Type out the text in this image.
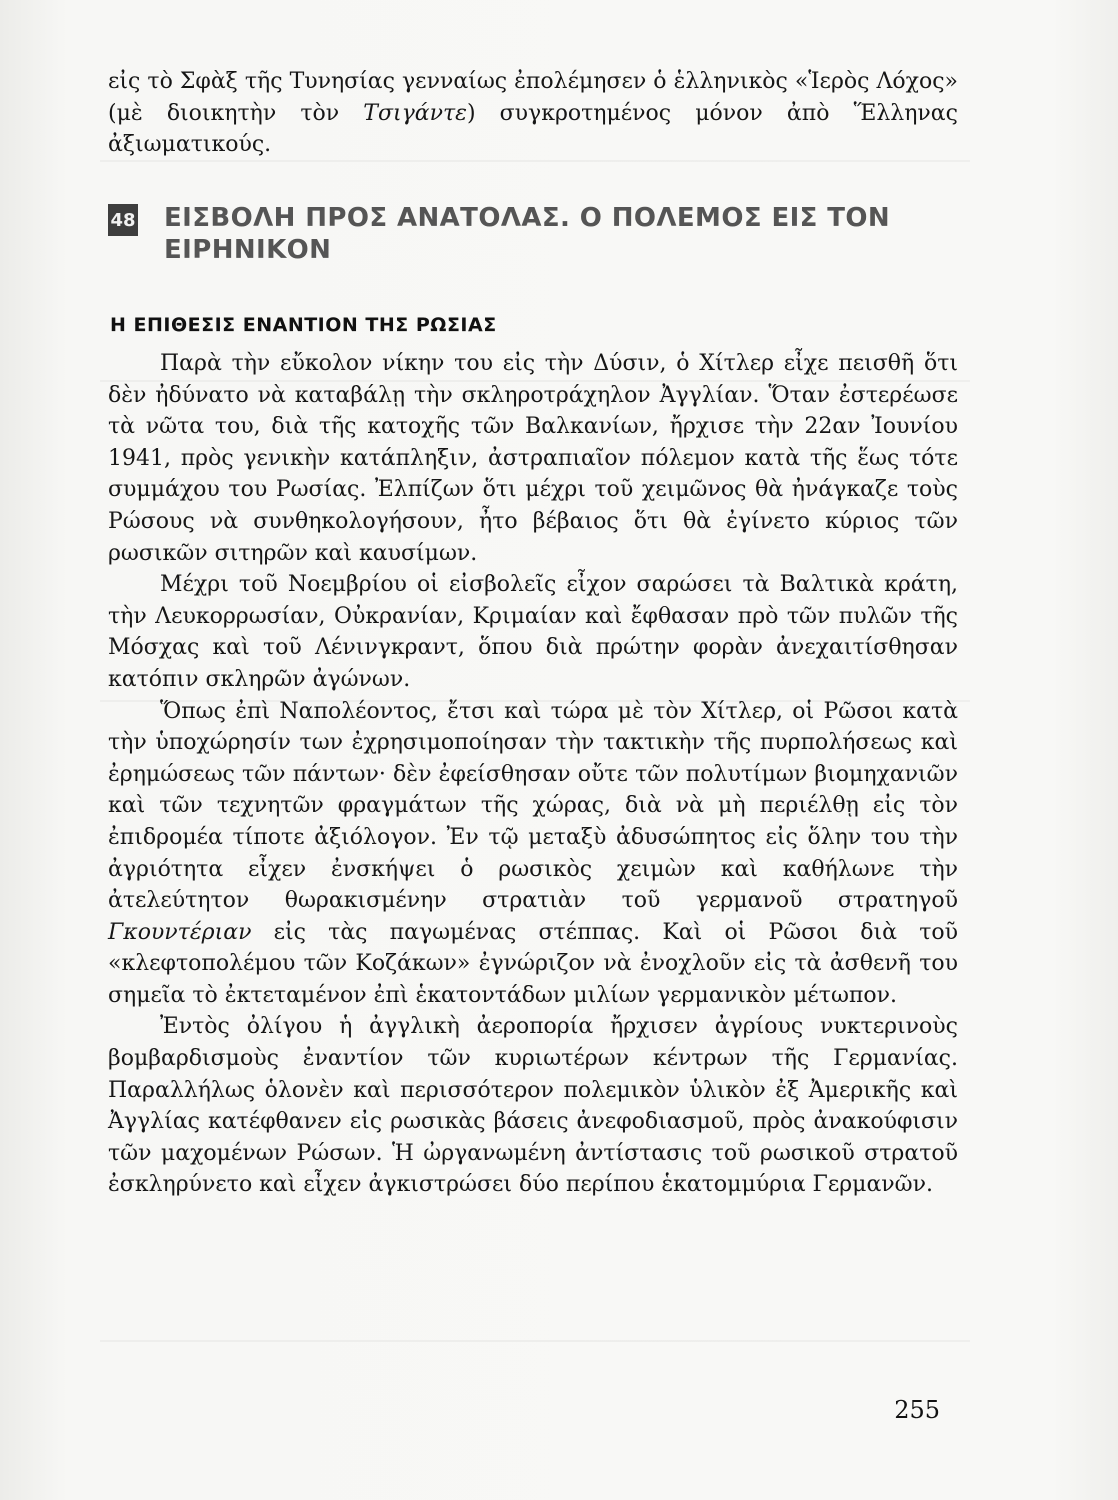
εἰς τὸ Σφὰξ τῆς Τυνησίας γενναίως ἐπολέμησεν ὁ ἑλληνικὸς «Ἱερὸς Λόχος» (μὲ διοικητὴν τὸν Τσιγάντε) συγκροτημένος μόνον ἀπὸ Ἕλληνας ἀξιωματικούς.

48 ΕΙΣΒΟΛΗ ΠΡΟΣ ΑΝΑΤΟΛΑΣ. Ο ΠΟΛΕΜΟΣ ΕΙΣ ΤΟΝ ΕΙΡΗΝΙΚΟΝ
Η ΕΠΙΘΕΣΙΣ ΕΝΑΝΤΙΟΝ ΤΗΣ ΡΩΣΙΑΣ

Παρὰ τὴν εὔκολον νίκην του εἰς τὴν Δύσιν, ὁ Χίτλερ εἶχε πεισθῆ ὅτι δὲν ἠδύνατο νὰ καταβάλῃ τὴν σκληροτράχηλον Ἀγγλίαν. Ὅταν ἐστερέωσε τὰ νῶτα του, διὰ τῆς κατοχῆς τῶν Βαλκανίων, ἤρχισε τὴν 22αν Ἰουνίου 1941, πρὸς γενικὴν κατάπληξιν, ἀστραπιαῖον πόλεμον κατὰ τῆς ἕως τότε συμμάχου του Ρωσίας. Ἐλπίζων ὅτι μέχρι τοῦ χειμῶνος θὰ ἠνάγκαζε τοὺς Ρώσους νὰ συνθηκολογήσουν, ἦτο βέβαιος ὅτι θὰ ἐγίνετο κύριος τῶν ρωσικῶν σιτηρῶν καὶ καυσίμων.

Μέχρι τοῦ Νοεμβρίου οἱ εἰσβολεῖς εἶχον σαρώσει τὰ Βαλτικὰ κράτη, τὴν Λευκορρωσίαν, Οὐκρανίαν, Κριμαίαν καὶ ἔφθασαν πρὸ τῶν πυλῶν τῆς Μόσχας καὶ τοῦ Λένινγκραντ, ὅπου διὰ πρώτην φορὰν ἀνεχαιτίσθησαν κατόπιν σκληρῶν ἀγώνων.

Ὅπως ἐπὶ Ναπολέοντος, ἔτσι καὶ τώρα μὲ τὸν Χίτλερ, οἱ Ρῶσοι κατὰ τὴν ὑποχώρησίν των ἐχρησιμοποίησαν τὴν τακτικὴν τῆς πυρπολήσεως καὶ ἐρημώσεως τῶν πάντων· δὲν ἐφείσθησαν οὔτε τῶν πολυτίμων βιομηχανιῶν καὶ τῶν τεχνητῶν φραγμάτων τῆς χώρας, διὰ νὰ μὴ περιέλθῃ εἰς τὸν ἐπιδρομέα τίποτε ἀξιόλογον. Ἐν τῷ μεταξὺ ἀδυσώπητος εἰς ὅλην του τὴν ἀγριότητα εἶχεν ἐνσκήψει ὁ ρωσικὸς χειμὼν καὶ καθήλωνε τὴν ἀτελεύτητον θωρακισμένην στρατιὰν τοῦ γερμανοῦ στρατηγοῦ Γκουντέριαν εἰς τὰς παγωμένας στέππας. Καὶ οἱ Ρῶσοι διὰ τοῦ «κλεφτοπολέμου τῶν Κοζάκων» ἐγνώριζον νὰ ἐνοχλοῦν εἰς τὰ ἀσθενῆ του σημεῖα τὸ ἐκτεταμένον ἐπὶ ἑκατοντάδων μιλίων γερμανικὸν μέτωπον.

Ἐντὸς ὀλίγου ἡ ἀγγλικὴ ἀεροπορία ἤρχισεν ἀγρίους νυκτερινοὺς βομβαρδισμοὺς ἐναντίον τῶν κυριωτέρων κέντρων τῆς Γερμανίας. Παραλλήλως ὁλονὲν καὶ περισσότερον πολεμικὸν ὑλικὸν ἐξ Ἀμερικῆς καὶ Ἀγγλίας κατέφθανεν εἰς ρωσικὰς βάσεις ἀνεφοδιασμοῦ, πρὸς ἀνακούφισιν τῶν μαχομένων Ρώσων. Ἡ ὠργανωμένη ἀντίστασις τοῦ ρωσικοῦ στρατοῦ ἐσκληρύνετο καὶ εἶχεν ἀγκιστρώσει δύο περίπου ἑκατομμύρια Γερμανῶν.

255
